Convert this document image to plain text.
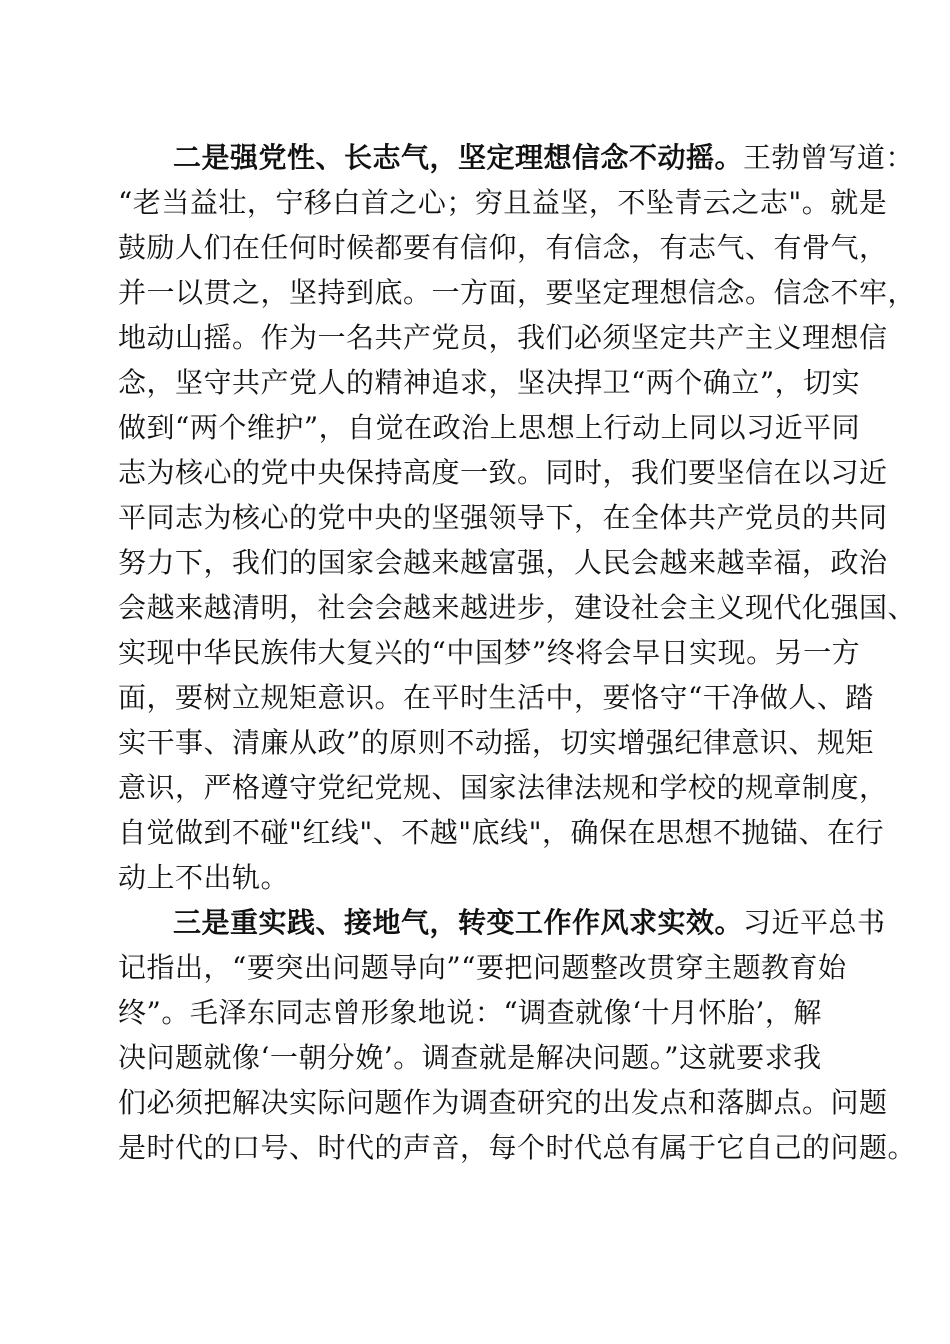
二是强党性、长志气，坚定理想信念不动摇。王勃曾写道：
“老当益壮，宁移白首之心；穷且益坚，不坠青云之志"。就是
鼓励人们在任何时候都要有信仰，有信念，有志气、有骨气，
并一以贯之，坚持到底。一方面，要坚定理想信念。信念不牢，
地动山摇。作为一名共产党员，我们必须坚定共产主义理想信
念，坚守共产党人的精神追求，坚决捍卫“两个确立”，切实
做到“两个维护”，自觉在政治上思想上行动上同以习近平同
志为核心的党中央保持高度一致。同时，我们要坚信在以习近
平同志为核心的党中央的坚强领导下，在全体共产党员的共同
努力下，我们的国家会越来越富强，人民会越来越幸福，政治
会越来越清明，社会会越来越进步，建设社会主义现代化强国、
实现中华民族伟大复兴的“中国梦”终将会早日实现。另一方
面，要树立规矩意识。在平时生活中，要恪守“干净做人、踏
实干事、清廉从政”的原则不动摇，切实增强纪律意识、规矩
意识，严格遵守党纪党规、国家法律法规和学校的规章制度，
自觉做到不碰"红线"、不越"底线"，确保在思想不抛锚、在行
动上不出轨。
三是重实践、接地气，转变工作作风求实效。习近平总书
记指出，“要突出问题导向”“要把问题整改贯穿主题教育始
终”。毛泽东同志曾形象地说：“调查就像‘十月怀胎’，解
决问题就像‘一朝分娩’。调查就是解决问题。”这就要求我
们必须把解决实际问题作为调查研究的出发点和落脚点。问题
是时代的口号、时代的声音，每个时代总有属于它自己的问题。
